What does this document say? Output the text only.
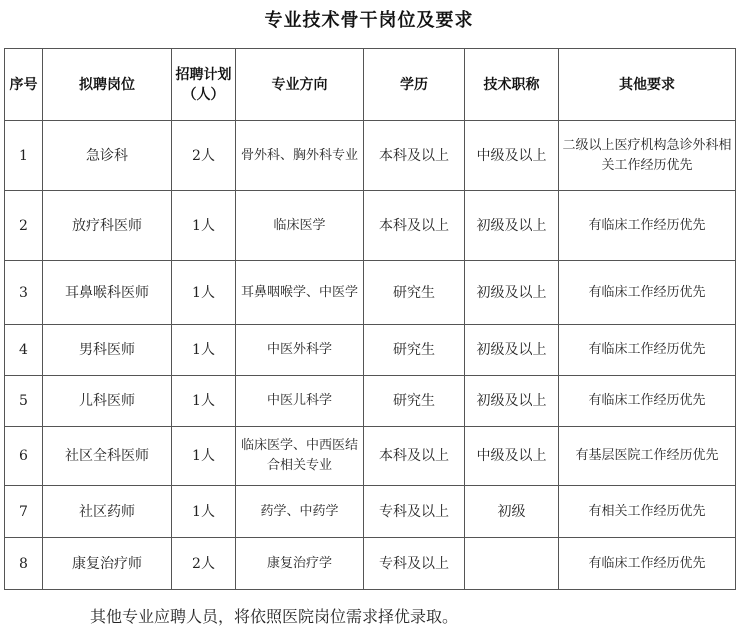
专业技术骨干岗位及要求
序号	拟聘岗位	招聘计划（人）	专业方向	学历	技术职称	其他要求
1	急诊科	2人	骨外科、胸外科专业	本科及以上	中级及以上	二级以上医疗机构急诊外科相关工作经历优先
2	放疗科医师	1人	临床医学	本科及以上	初级及以上	有临床工作经历优先
3	耳鼻喉科医师	1人	耳鼻咽喉学、中医学	研究生	初级及以上	有临床工作经历优先
4	男科医师	1人	中医外科学	研究生	初级及以上	有临床工作经历优先
5	儿科医师	1人	中医儿科学	研究生	初级及以上	有临床工作经历优先
6	社区全科医师	1人	临床医学、中西医结合相关专业	本科及以上	中级及以上	有基层医院工作经历优先
7	社区药师	1人	药学、中药学	专科及以上	初级	有相关工作经历优先
8	康复治疗师	2人	康复治疗学	专科及以上		有临床工作经历优先
其他专业应聘人员，将依照医院岗位需求择优录取。
